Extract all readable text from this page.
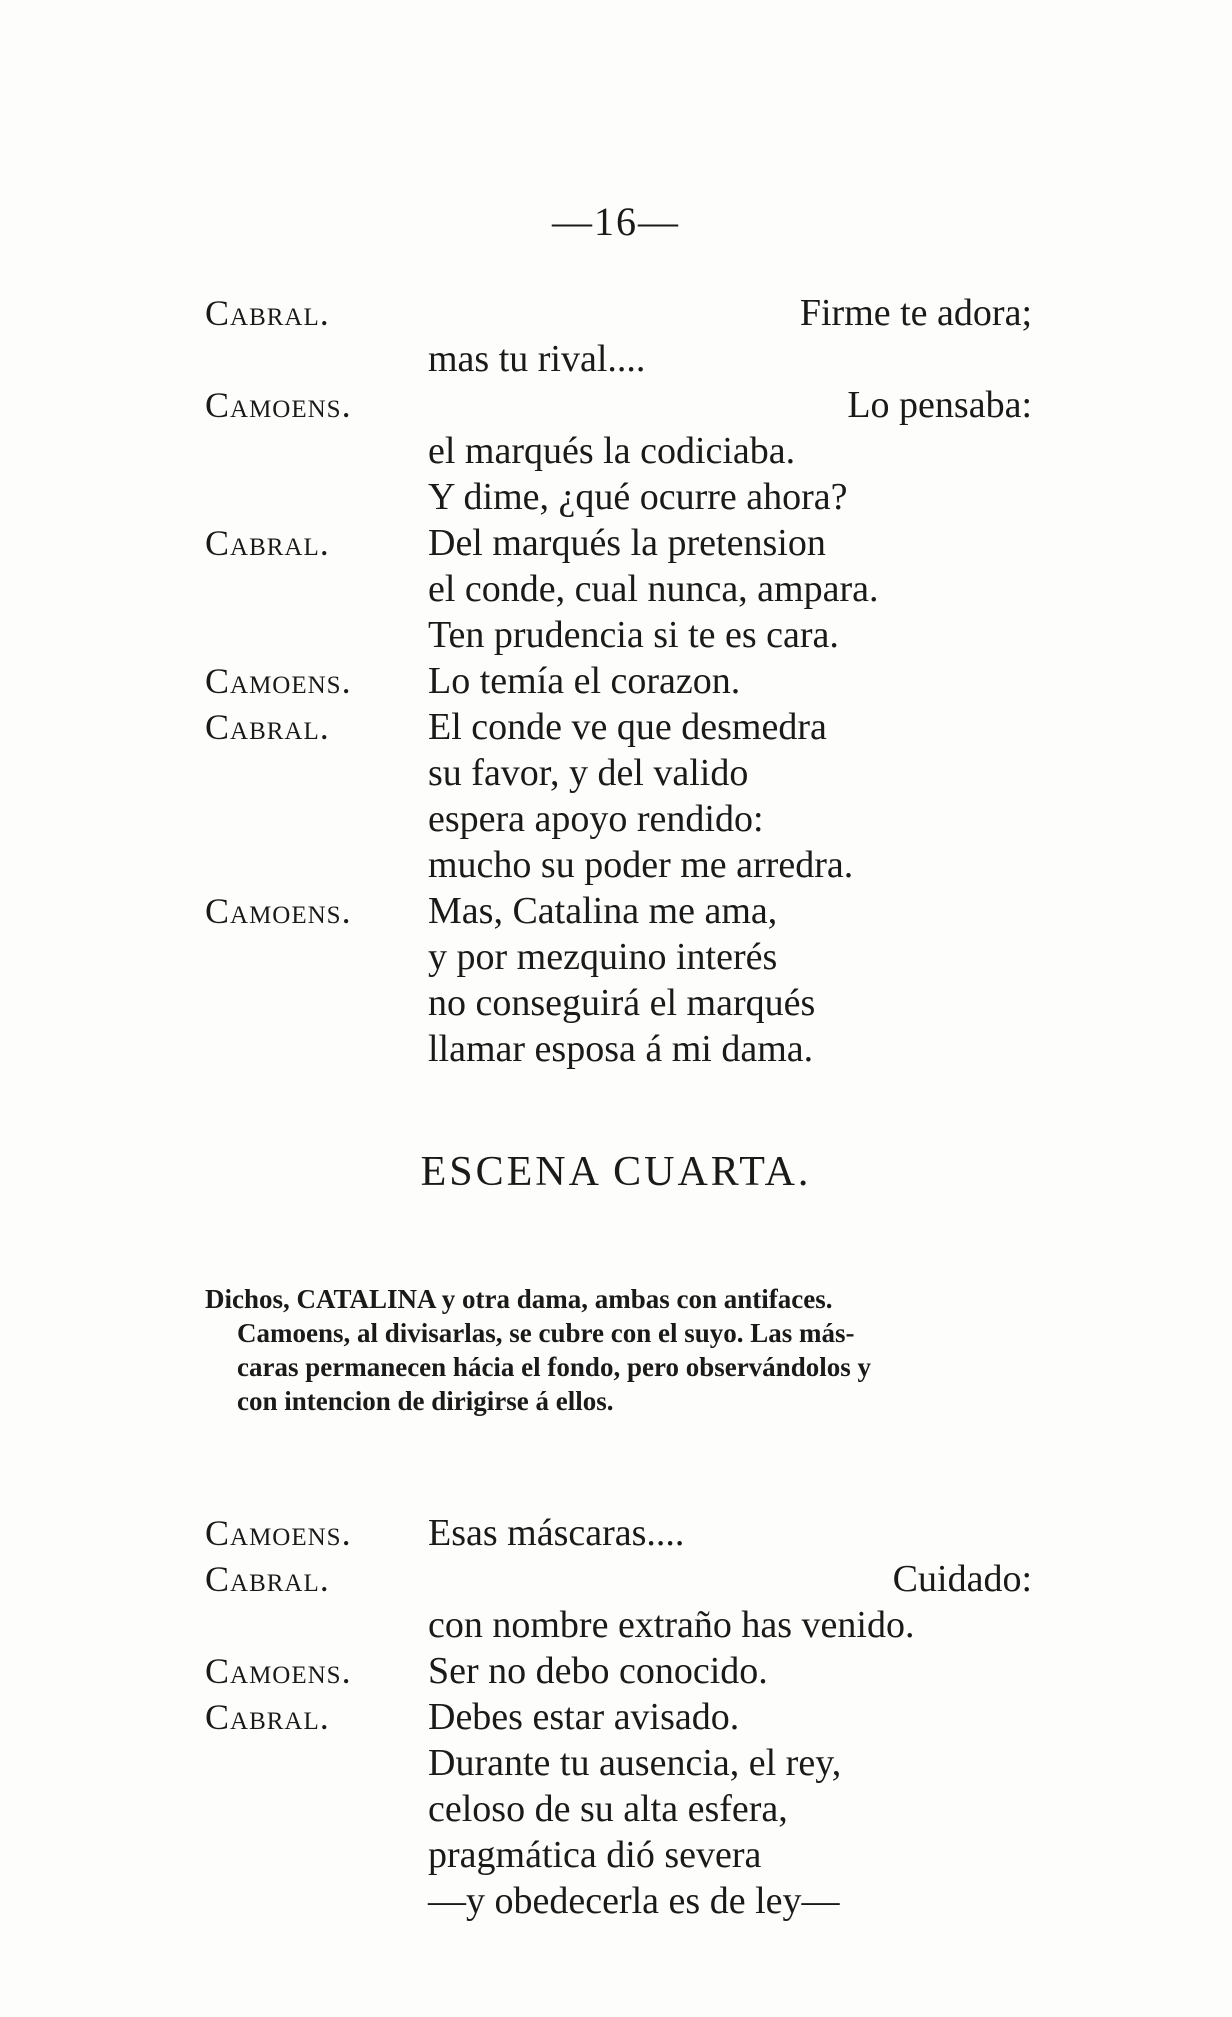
—16—
Cabral.	Firme te adora;
mas tu rival....
Camoens.	Lo pensaba:
el marqués la codiciaba.
Y dime, ¿qué ocurre ahora?
Cabral.	Del marqués la pretension
el conde, cual nunca, ampara.
Ten prudencia si te es cara.
Camoens. Lo temía el corazon.
Cabral.	El conde ve que desmedra
su favor, y del valido
espera apoyo rendido:
mucho su poder me arredra.
Camoens. Mas, Catalina me ama,
y por mezquino interés
no conseguirá el marqués
llamar esposa á mi dama.
ESCENA CUARTA.
Dichos, CATALINA y otra dama, ambas con antifaces.
Camoens, al divisarlas, se cubre con el suyo. Las más-
caras permanecen hácia el fondo, pero observándolos y
con intencion de dirigirse á ellos.
Camoens. Esas máscaras....
Cabral.	Cuidado:
con nombre extraño has venido.
Camoens. Ser no debo conocido.
Cabral.	Debes estar avisado.
Durante tu ausencia, el rey,
celoso de su alta esfera,
pragmática dió severa
—y obedecerla es de ley—
